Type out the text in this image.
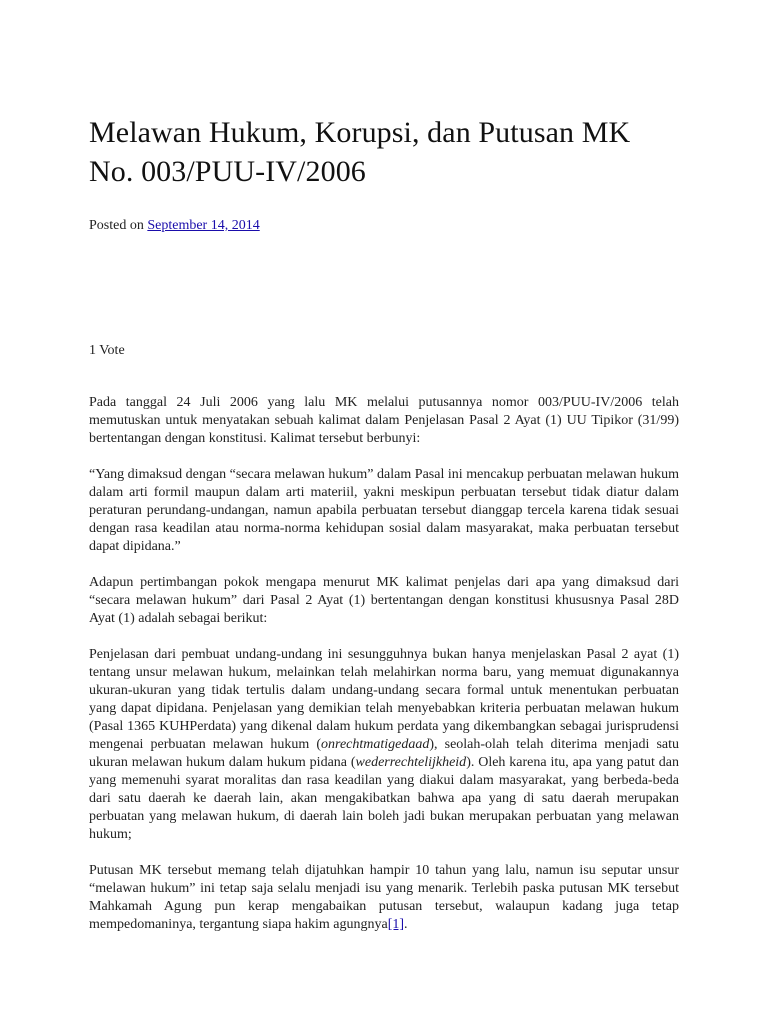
Melawan Hukum, Korupsi, dan Putusan MK No. 003/PUU-IV/2006
Posted on September 14, 2014
1 Vote

Pada tanggal 24 Juli 2006 yang lalu MK melalui putusannya nomor 003/PUU-IV/2006 telah memutuskan untuk menyatakan sebuah kalimat dalam Penjelasan Pasal 2 Ayat (1) UU Tipikor (31/99) bertentangan dengan konstitusi. Kalimat tersebut berbunyi:

“Yang dimaksud dengan “secara melawan hukum” dalam Pasal ini mencakup perbuatan melawan hukum dalam arti formil maupun dalam arti materiil, yakni meskipun perbuatan tersebut tidak diatur dalam peraturan perundang-undangan, namun apabila perbuatan tersebut dianggap tercela karena tidak sesuai dengan rasa keadilan atau norma-norma kehidupan sosial dalam masyarakat, maka perbuatan tersebut dapat dipidana.”

Adapun pertimbangan pokok mengapa menurut MK kalimat penjelas dari apa yang dimaksud dari “secara melawan hukum” dari Pasal 2 Ayat (1) bertentangan dengan konstitusi khususnya Pasal 28D Ayat (1) adalah sebagai berikut:

Penjelasan dari pembuat undang-undang ini sesungguhnya bukan hanya menjelaskan Pasal 2 ayat (1) tentang unsur melawan hukum, melainkan telah melahirkan norma baru, yang memuat digunakannya ukuran-ukuran yang tidak tertulis dalam undang-undang secara formal untuk menentukan perbuatan yang dapat dipidana. Penjelasan yang demikian telah menyebabkan kriteria perbuatan melawan hukum (Pasal 1365 KUHPerdata) yang dikenal dalam hukum perdata yang dikembangkan sebagai jurisprudensi mengenai perbuatan melawan hukum (onrechtmatigedaad), seolah-olah telah diterima menjadi satu ukuran melawan hukum dalam hukum pidana (wederrechtelijkheid). Oleh karena itu, apa yang patut dan yang memenuhi syarat moralitas dan rasa keadilan yang diakui dalam masyarakat, yang berbeda-beda dari satu daerah ke daerah lain, akan mengakibatkan bahwa apa yang di satu daerah merupakan perbuatan yang melawan hukum, di daerah lain boleh jadi bukan merupakan perbuatan yang melawan hukum;

Putusan MK tersebut memang telah dijatuhkan hampir 10 tahun yang lalu, namun isu seputar unsur “melawan hukum” ini tetap saja selalu menjadi isu yang menarik. Terlebih paska putusan MK tersebut Mahkamah Agung pun kerap mengabaikan putusan tersebut, walaupun kadang juga tetap mempedomaninya, tergantung siapa hakim agungnya[1].
